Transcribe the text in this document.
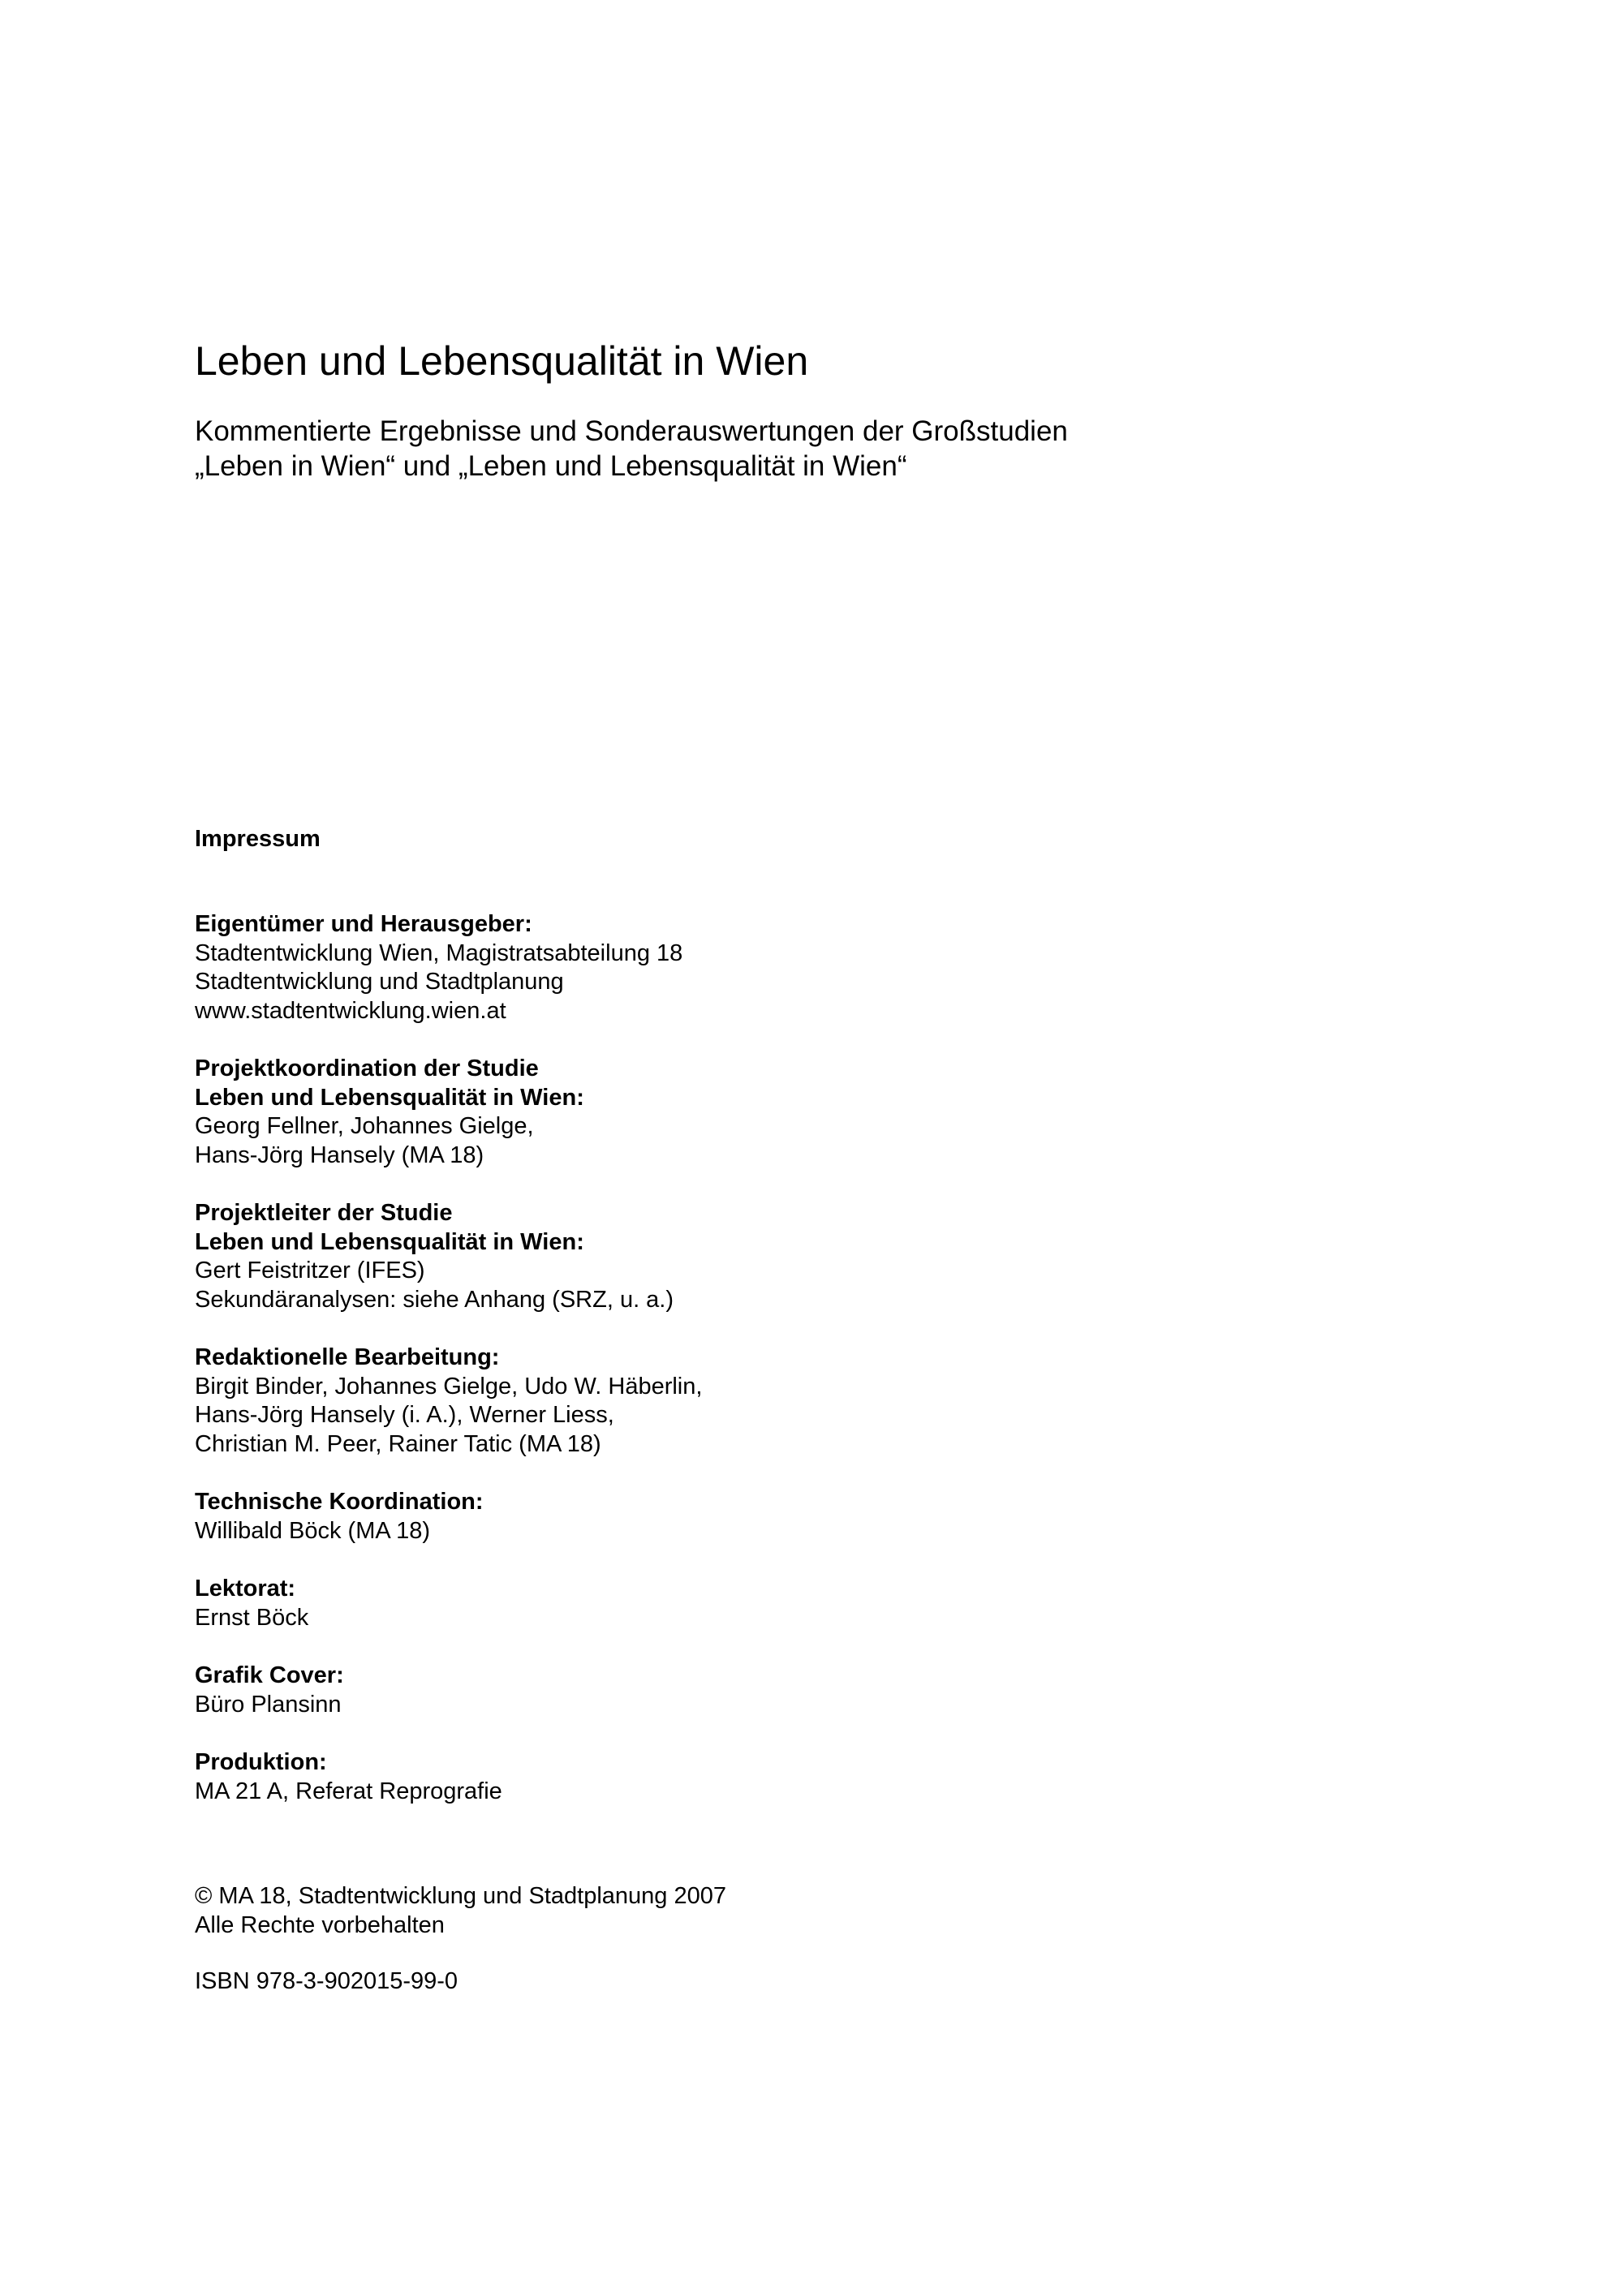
Leben und Lebensqualität in Wien
Kommentierte Ergebnisse und Sonderauswertungen der Großstudien
„Leben in Wien“ und „Leben und Lebensqualität in Wien“
Impressum
Eigentümer und Herausgeber:
Stadtentwicklung Wien, Magistratsabteilung 18
Stadtentwicklung und Stadtplanung
www.stadtentwicklung.wien.at
Projektkoordination der Studie
Leben und Lebensqualität in Wien:
Georg Fellner, Johannes Gielge,
Hans-Jörg Hansely (MA 18)
Projektleiter der Studie
Leben und Lebensqualität in Wien:
Gert Feistritzer (IFES)
Sekundäranalysen: siehe Anhang (SRZ, u. a.)
Redaktionelle Bearbeitung:
Birgit Binder, Johannes Gielge, Udo W. Häberlin,
Hans-Jörg Hansely (i. A.), Werner Liess,
Christian M. Peer, Rainer Tatic (MA 18)
Technische Koordination:
Willibald Böck (MA 18)
Lektorat:
Ernst Böck
Grafik Cover:
Büro Plansinn
Produktion:
MA 21 A, Referat Reprografie
© MA 18, Stadtentwicklung und Stadtplanung 2007
Alle Rechte vorbehalten
ISBN 978-3-902015-99-0
